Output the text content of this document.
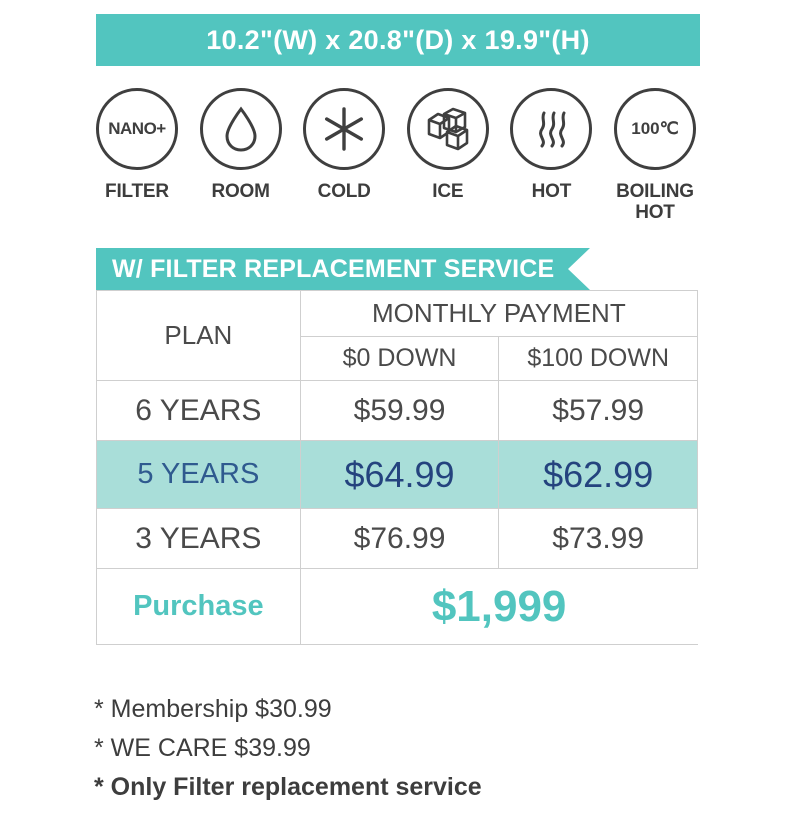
10.2"(W) x 20.8"(D) x 19.9"(H)
NANO+
FILTER ROOM	COLD	ICE	HOT
100℃
BOILING HOT
W/ FILTER REPLACEMENT SERVICE
PLAN	MONTHLY PAYMENT	
	$0 DOWN	$100 DOWN
6 YEARS	$59.99	$57.99
5 YEARS	$64.99	$62.99
3 YEARS	$76.99	$73.99
Purchase	$1,999	
* Membership $30.99
* WE CARE $39.99
* Only Filter replacement service
